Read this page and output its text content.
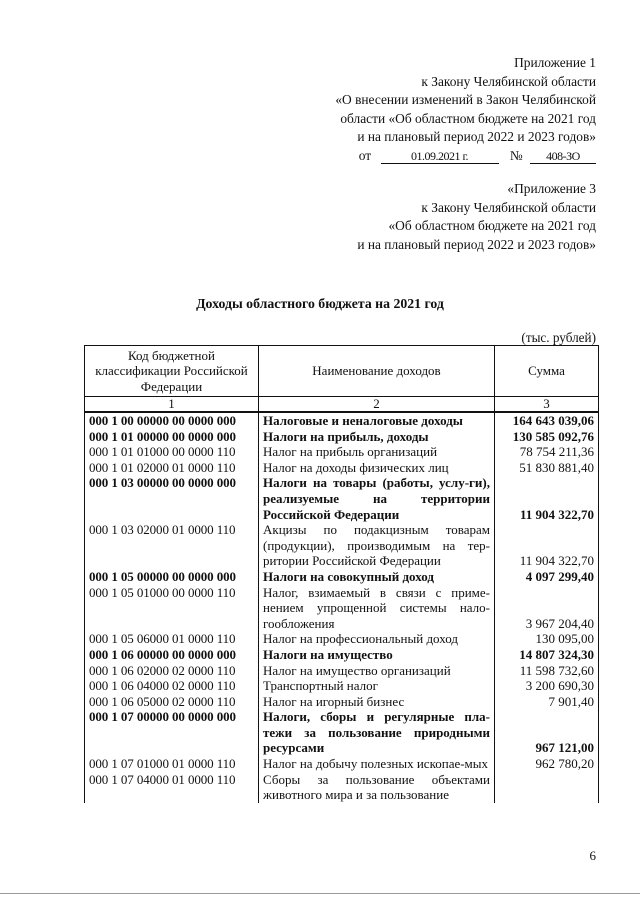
Приложение 1
к Закону Челябинской области
«О внесении изменений в Закон Челябинской
области «Об областном бюджете на 2021 год
и на плановый период 2022 и 2023 годов»
от	01.09.2021 г.	№ 408-ЗО
«Приложение 3
к Закону Челябинской области
«Об областном бюджете на 2021 год
и на плановый период 2022 и 2023 годов»
Доходы областного бюджета на 2021 год
(тыс. рублей)
Код бюджетной классификации Российской Федерации	Наименование доходов	Сумма
1	2	3
000 1 00 00000 00 0000 000	Налоговые и неналоговые доходы	164 643 039,06
000 1 01 00000 00 0000 000	Налоги на прибыль, доходы	130 585 092,76
000 1 01 01000 00 0000 110	Налог на прибыль организаций	78 754 211,36
000 1 01 02000 01 0000 110	Налог на доходы физических лиц	51 830 881,40
000 1 03 00000 00 0000 000	Налоги на товары (работы, услу-ги), реализуемые на территории Российской Федерации	11 904 322,70
000 1 03 02000 01 0000 110	Акцизы по подакцизным товарам (продукции), производимым на тер-ритории Российской Федерации	11 904 322,70
000 1 05 00000 00 0000 000	Налоги на совокупный доход	4 097 299,40
000 1 05 01000 00 0000 110	Налог, взимаемый в связи с приме-нением упрощенной системы нало-гообложения	3 967 204,40
000 1 05 06000 01 0000 110	Налог на профессиональный доход	130 095,00
000 1 06 00000 00 0000 000	Налоги на имущество	14 807 324,30
000 1 06 02000 02 0000 110	Налог на имущество организаций	11 598 732,60
000 1 06 04000 02 0000 110	Транспортный налог	3 200 690,30
000 1 06 05000 02 0000 110	Налог на игорный бизнес	7 901,40
000 1 07 00000 00 0000 000	Налоги, сборы и регулярные пла-тежи за пользование природными ресурсами	967 121,00
000 1 07 01000 01 0000 110	Налог на добычу полезных ископае-мых	962 780,20
000 1 07 04000 01 0000 110	Сборы за пользование объектами животного мира и за пользование	
6
